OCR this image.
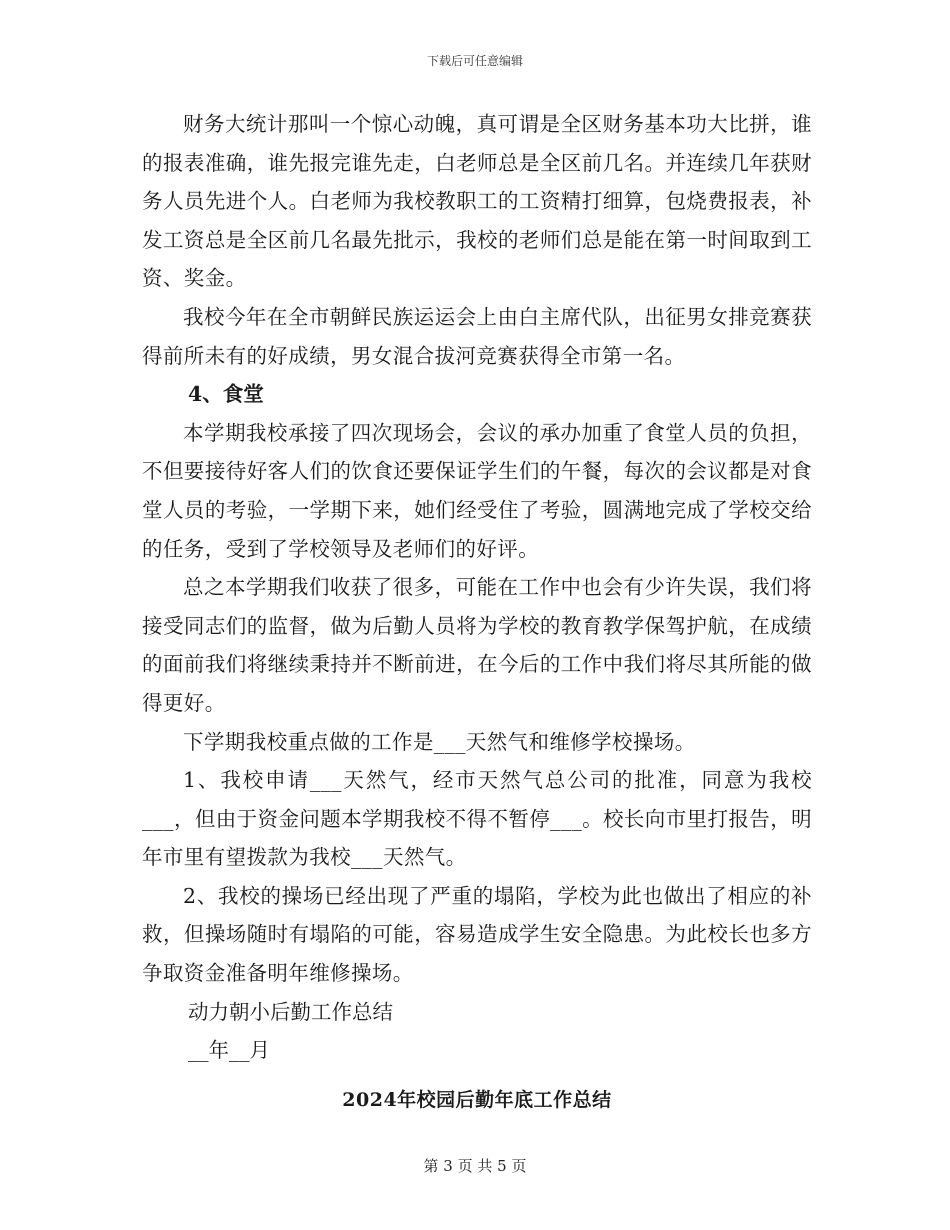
下载后可任意编辑

财务大统计那叫一个惊心动魄，真可谓是全区财务基本功大比拼，谁的报表准确，谁先报完谁先走，白老师总是全区前几名。并连续几年获财务人员先进个人。白老师为我校教职工的工资精打细算，包烧费报表，补发工资总是全区前几名最先批示，我校的老师们总是能在第一时间取到工资、奖金。

我校今年在全市朝鲜民族运运会上由白主席代队，出征男女排竞赛获得前所未有的好成绩，男女混合拔河竞赛获得全市第一名。

4、食堂

本学期我校承接了四次现场会，会议的承办加重了食堂人员的负担，不但要接待好客人们的饮食还要保证学生们的午餐，每次的会议都是对食堂人员的考验，一学期下来，她们经受住了考验，圆满地完成了学校交给的任务，受到了学校领导及老师们的好评。

总之本学期我们收获了很多，可能在工作中也会有少许失误，我们将接受同志们的监督，做为后勤人员将为学校的教育教学保驾护航，在成绩的面前我们将继续秉持并不断前进，在今后的工作中我们将尽其所能的做得更好。

下学期我校重点做的工作是___天然气和维修学校操场。

1、我校申请___天然气，经市天然气总公司的批准，同意为我校___，但由于资金问题本学期我校不得不暂停___。校长向市里打报告，明年市里有望拨款为我校___天然气。

2、我校的操场已经出现了严重的塌陷，学校为此也做出了相应的补救，但操场随时有塌陷的可能，容易造成学生安全隐患。为此校长也多方争取资金准备明年维修操场。

动力朝小后勤工作总结

__年__月

2024年校园后勤年底工作总结

第 3 页 共 5 页
